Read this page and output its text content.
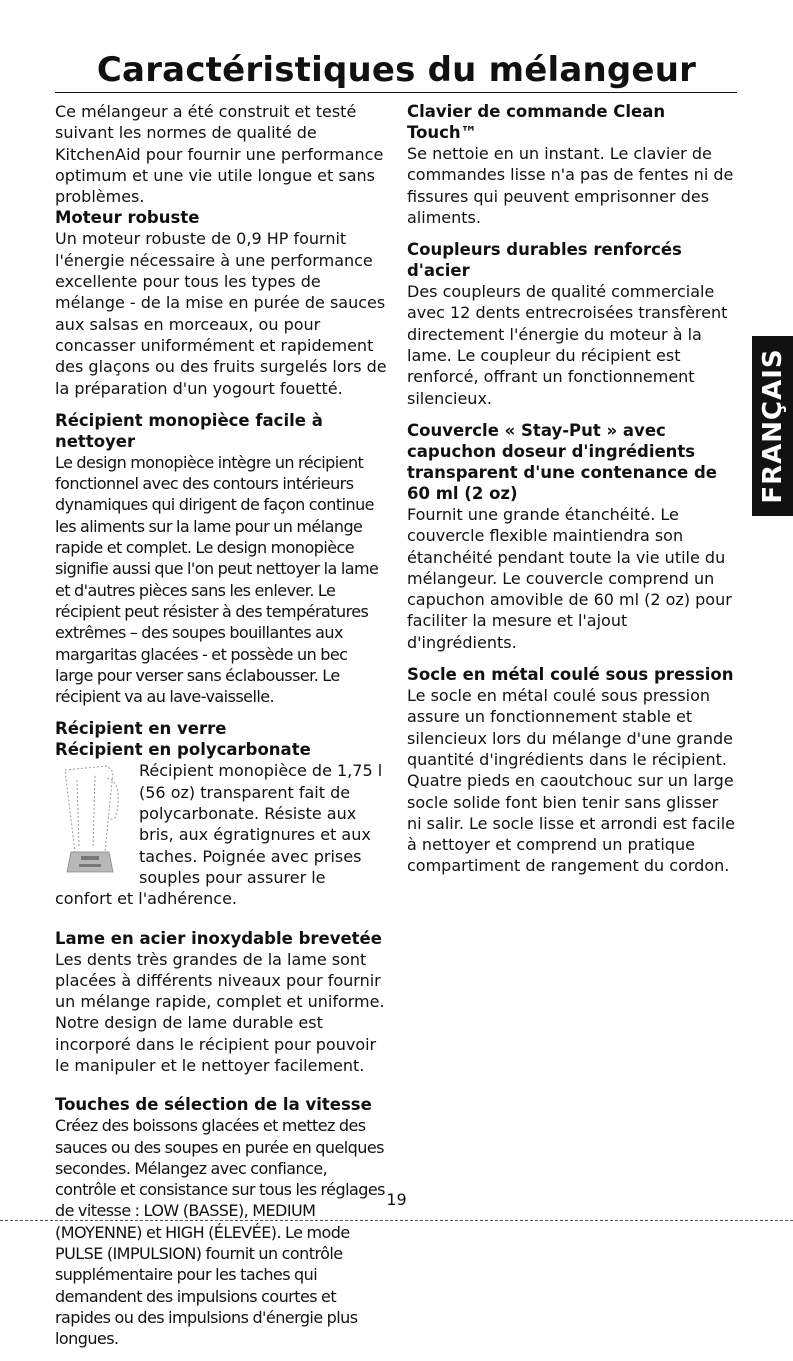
Caractéristiques du mélangeur

Ce mélangeur a été construit et testé suivant les normes de qualité de KitchenAid pour fournir une performance optimum et une vie utile longue et sans problèmes.

Moteur robuste

Un moteur robuste de 0,9 HP fournit l'énergie nécessaire à une performance excellente pour tous les types de mélange - de la mise en purée de sauces aux salsas en morceaux, ou pour concasser uniformément et rapidement des glaçons ou des fruits surgelés lors de la préparation d'un yogourt fouetté.

Récipient monopièce facile à nettoyer

Le design monopièce intègre un récipient fonctionnel avec des contours intérieurs dynamiques qui dirigent de façon continue les aliments sur la lame pour un mélange rapide et complet. Le design monopièce signifie aussi que l'on peut nettoyer la lame et d'autres pièces sans les enlever. Le récipient peut résister à des températures extrêmes – des soupes bouillantes aux margaritas glacées - et possède un bec large pour verser sans éclabousser. Le récipient va au lave-vaisselle.

Récipient en verre
Récipient en polycarbonate

Récipient monopièce de 1,75 l (56 oz) transparent fait de polycarbonate. Résiste aux bris, aux égratignures et aux taches. Poignée avec prises souples pour assurer le confort et l'adhérence.

Lame en acier inoxydable brevetée

Les dents très grandes de la lame sont placées à différents niveaux pour fournir un mélange rapide, complet et uniforme. Notre design de lame durable est incorporé dans le récipient pour pouvoir le manipuler et le nettoyer facilement.

Touches de sélection de la vitesse

Créez des boissons glacées et mettez des sauces ou des soupes en purée en quelques secondes. Mélangez avec confiance, contrôle et consistance sur tous les réglages de vitesse : LOW (BASSE), MEDIUM (MOYENNE) et HIGH (ÉLEVÉE). Le mode PULSE (IMPULSION) fournit un contrôle supplémentaire pour les taches qui demandent des impulsions courtes et rapides ou des impulsions d'énergie plus longues.

Clavier de commande Clean Touch™

Se nettoie en un instant. Le clavier de commandes lisse n'a pas de fentes ni de fissures qui peuvent emprisonner des aliments.

Coupleurs durables renforcés d'acier

Des coupleurs de qualité commerciale avec 12 dents entrecroisées transfèrent directement l'énergie du moteur à la lame. Le coupleur du récipient est renforcé, offrant un fonctionnement silencieux.

Couvercle « Stay-Put » avec capuchon doseur d'ingrédients transparent d'une contenance de 60 ml (2 oz)

Fournit une grande étanchéité. Le couvercle flexible maintiendra son étanchéité pendant toute la vie utile du mélangeur. Le couvercle comprend un capuchon amovible de 60 ml (2 oz) pour faciliter la mesure et l'ajout d'ingrédients.

Socle en métal coulé sous pression

Le socle en métal coulé sous pression assure un fonctionnement stable et silencieux lors du mélange d'une grande quantité d'ingrédients dans le récipient. Quatre pieds en caoutchouc sur un large socle solide font bien tenir sans glisser ni salir. Le socle lisse et arrondi est facile à nettoyer et comprend un pratique compartiment de rangement du cordon.

FRANÇAIS

19
